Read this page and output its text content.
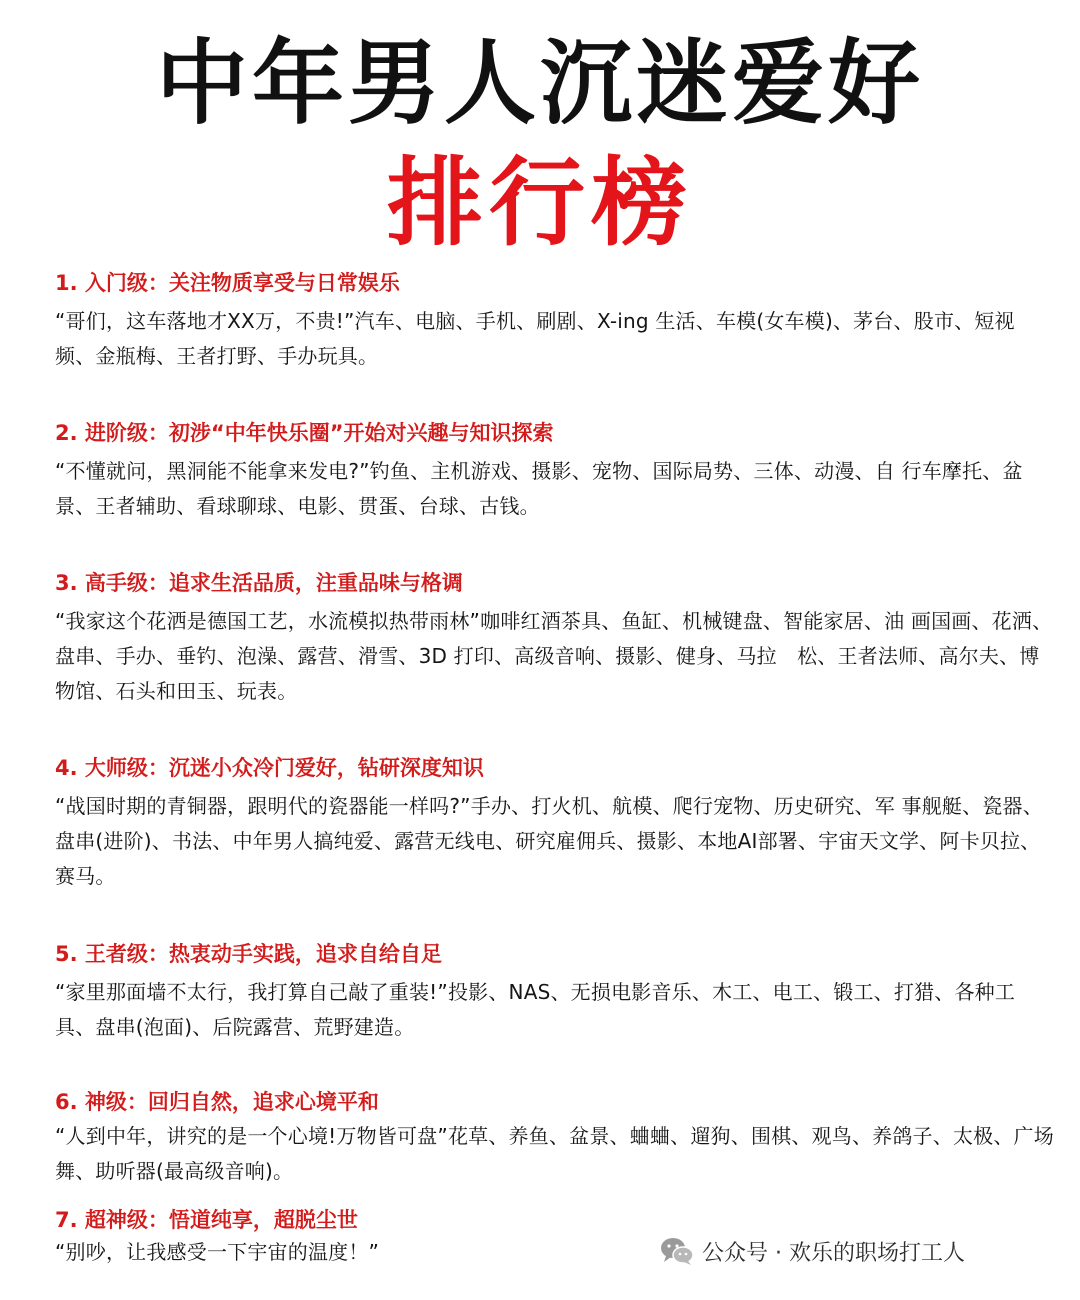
中年男人沉迷爱好
排行榜
1. 入门级：关注物质享受与日常娱乐
“哥们，这车落地才XX万，不贵!”汽车、电脑、手机、刷剧、X-ing 生活、车模(女车模)、茅台、股市、短视频、金瓶梅、王者打野、手办玩具。
2. 进阶级：初涉“中年快乐圈”开始对兴趣与知识探索
“不懂就问，黑洞能不能拿来发电?”钓鱼、主机游戏、摄影、宠物、国际局势、三体、动漫、自 行车摩托、盆景、王者辅助、看球聊球、电影、贯蛋、台球、古钱。
3. 高手级：追求生活品质，注重品味与格调
“我家这个花洒是德国工艺，水流模拟热带雨林”咖啡红酒茶具、鱼缸、机械键盘、智能家居、油 画国画、花洒、盘串、手办、垂钓、泡澡、露营、滑雪、3D 打印、高级音响、摄影、健身、马拉　松、王者法师、高尔夫、博物馆、石头和田玉、玩表。
4. 大师级：沉迷小众冷门爱好，钻研深度知识
“战国时期的青铜器，跟明代的瓷器能一样吗?”手办、打火机、航模、爬行宠物、历史研究、军 事舰艇、瓷器、盘串(进阶)、书法、中年男人搞纯爱、露营无线电、研究雇佣兵、摄影、本地AI部署、宇宙天文学、阿卡贝拉、赛马。
5. 王者级：热衷动手实践，追求自给自足
“家里那面墙不太行，我打算自己敲了重装!”投影、NAS、无损电影音乐、木工、电工、锻工、打猎、各种工具、盘串(泡面)、后院露营、荒野建造。
6. 神级：回归自然，追求心境平和
“人到中年，讲究的是一个心境!万物皆可盘”花草、养鱼、盆景、蛐蛐、遛狗、围棋、观鸟、养鸽子、太极、广场舞、助听器(最高级音响)。
7. 超神级：悟道纯享，超脱尘世
“别吵，让我感受一下宇宙的温度！”	公众号 · 欢乐的职场打工人
